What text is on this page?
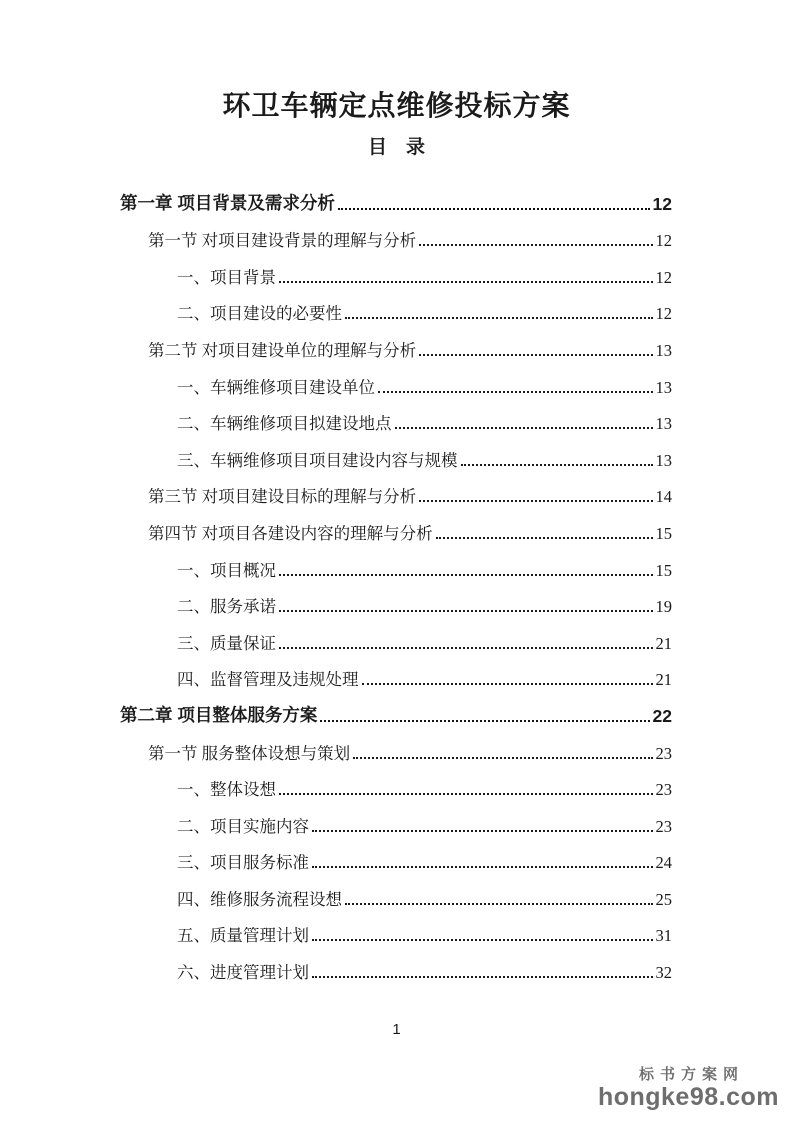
环卫车辆定点维修投标方案
目　录
第一章 项目背景及需求分析	12
第一节 对项目建设背景的理解与分析	12
一、项目背景	12
二、项目建设的必要性	12
第二节 对项目建设单位的理解与分析	13
一、车辆维修项目建设单位	13
二、车辆维修项目拟建设地点	13
三、车辆维修项目项目建设内容与规模	13
第三节 对项目建设目标的理解与分析	14
第四节 对项目各建设内容的理解与分析	15
一、项目概况	15
二、服务承诺	19
三、质量保证	21
四、监督管理及违规处理	21
第二章 项目整体服务方案	22
第一节 服务整体设想与策划	23
一、整体设想	23
二、项目实施内容	23
三、项目服务标准	24
四、维修服务流程设想	25
五、质量管理计划	31
六、进度管理计划	32
1
标书方案网
hongke98.com
